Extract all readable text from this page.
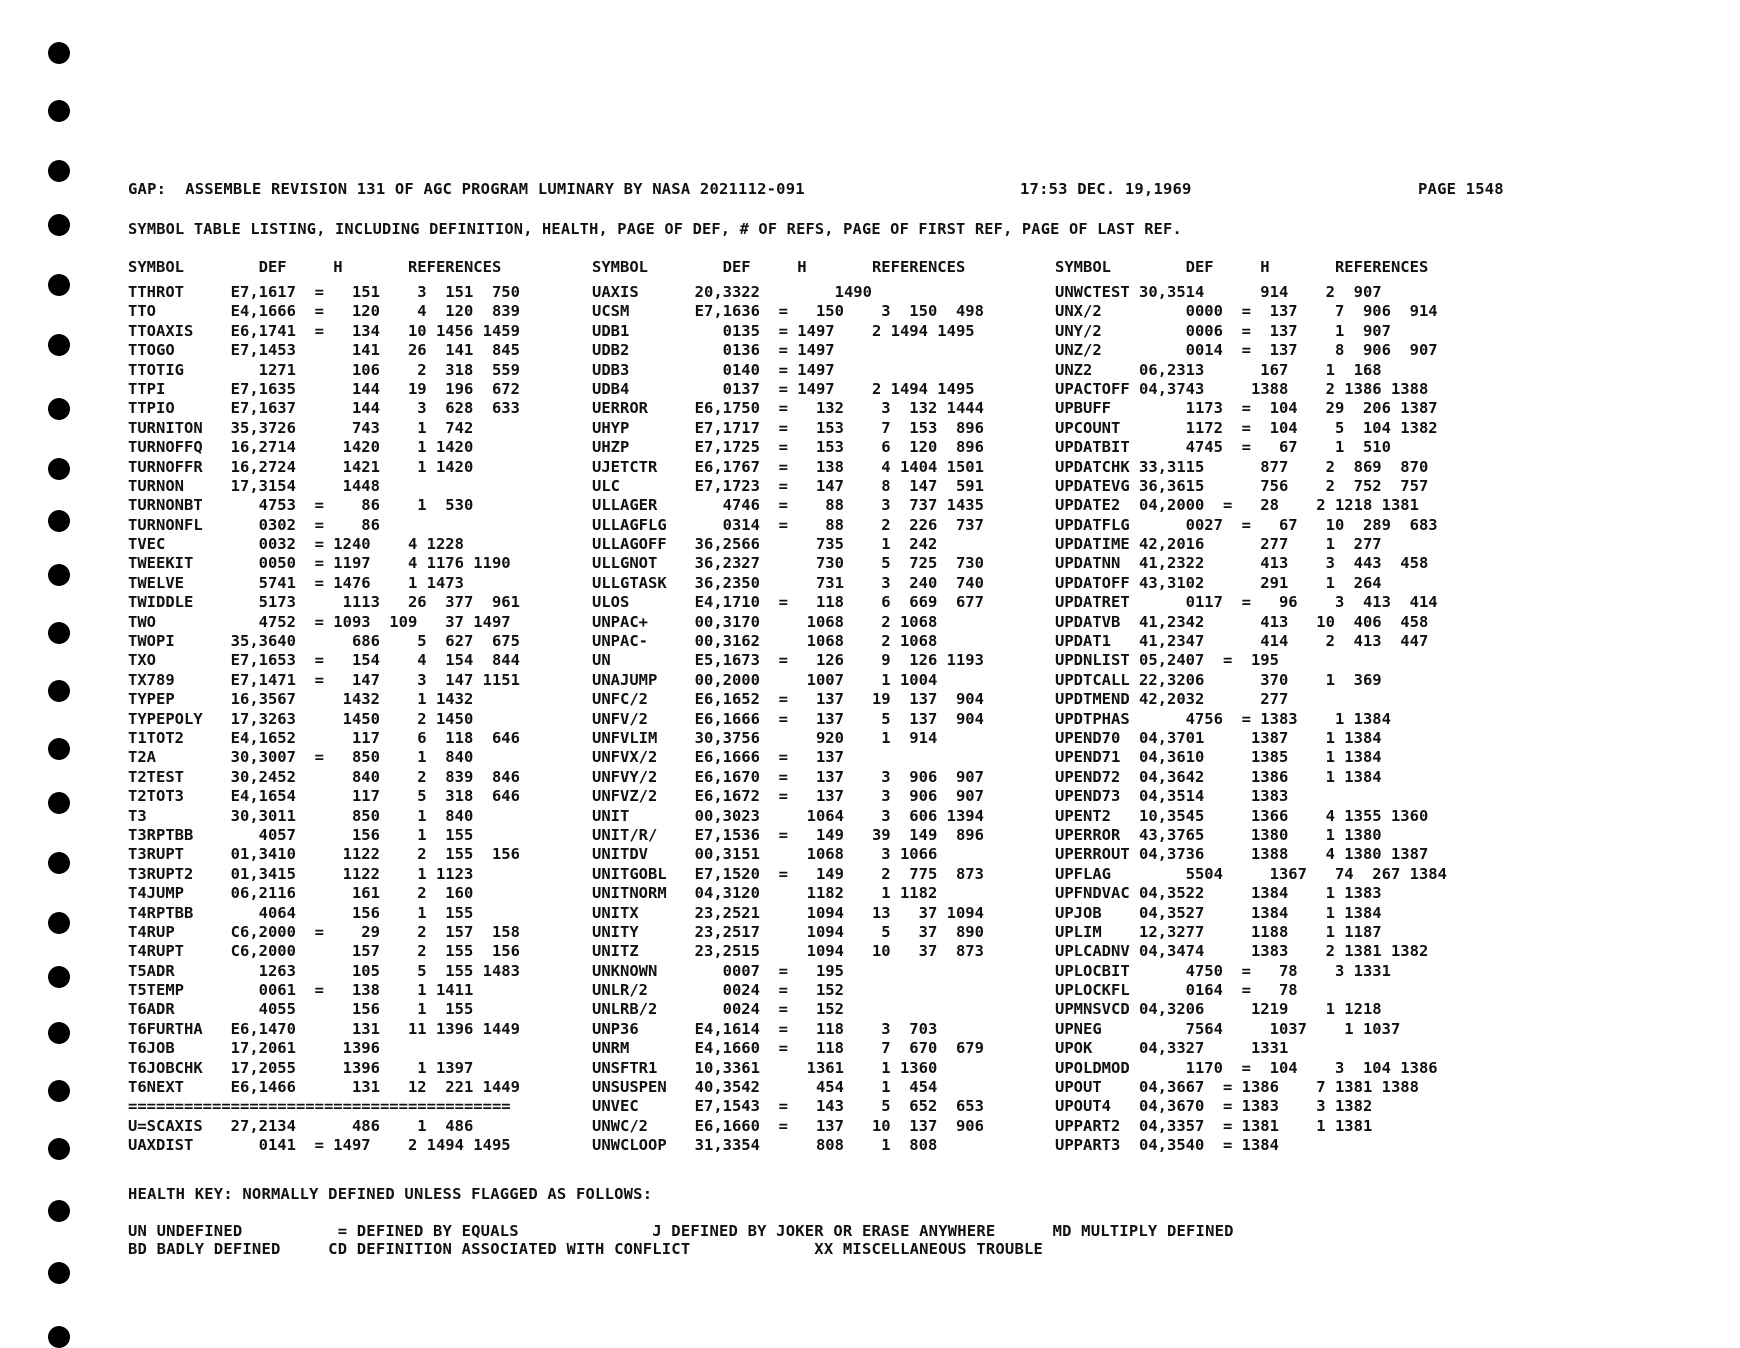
GAP:  ASSEMBLE REVISION 131 OF AGC PROGRAM LUMINARY BY NASA 2021112-091	17:53 DEC. 19,1969	PAGE 1548
SYMBOL TABLE LISTING, INCLUDING DEFINITION, HEALTH, PAGE OF DEF, # OF REFS, PAGE OF FIRST REF, PAGE OF LAST REF.

SYMBOL        DEF     H       REFERENCES

	SYMBOL        DEF     H       REFERENCES

	SYMBOL        DEF     H       REFERENCES

TTHROT     E7,1617  =   151    3  151  750	UAXIS      20,3322        1490	UNWCTEST 30,3514      914    2  907
TTO        E4,1666  =   120    4  120  839	UCSM       E7,1636  =   150    3  150  498	UNX/2         0000  =  137    7  906  914
TTOAXIS    E6,1741  =   134   10 1456 1459	UDB1          0135  = 1497    2 1494 1495	UNY/2         0006  =  137    1  907
TTOGO      E7,1453      141   26  141  845	UDB2          0136  = 1497	UNZ/2         0014  =  137    8  906  907
TTOTIG        1271      106    2  318  559	UDB3          0140  = 1497	UNZ2     06,2313      167    1  168
TTPI       E7,1635      144   19  196  672	UDB4          0137  = 1497    2 1494 1495	UPACTOFF 04,3743     1388    2 1386 1388
TTPIO      E7,1637      144    3  628  633	UERROR     E6,1750  =   132    3  132 1444	UPBUFF        1173  =  104   29  206 1387
TURNITON   35,3726      743    1  742	UHYP       E7,1717  =   153    7  153  896	UPCOUNT       1172  =  104    5  104 1382
TURNOFFQ   16,2714     1420    1 1420	UHZP       E7,1725  =   153    6  120  896	UPDATBIT      4745  =   67    1  510
TURNOFFR   16,2724     1421    1 1420	UJETCTR    E6,1767  =   138    4 1404 1501	UPDATCHK 33,3115      877    2  869  870
TURNON     17,3154     1448	ULC        E7,1723  =   147    8  147  591	UPDATEVG 36,3615      756    2  752  757
TURNONBT      4753  =    86    1  530	ULLAGER       4746  =    88    3  737 1435	UPDATE2  04,2000  =   28    2 1218 1381
TURNONFL      0302  =    86	ULLAGFLG      0314  =    88    2  226  737	UPDATFLG      0027  =   67   10  289  683
TVEC          0032  = 1240    4 1228	ULLAGOFF   36,2566      735    1  242	UPDATIME 42,2016      277    1  277
TWEEKIT       0050  = 1197    4 1176 1190	ULLGNOT    36,2327      730    5  725  730	UPDATNN  41,2322      413    3  443  458
TWELVE        5741  = 1476    1 1473	ULLGTASK   36,2350      731    3  240  740	UPDATOFF 43,3102      291    1  264
TWIDDLE       5173     1113   26  377  961	ULOS       E4,1710  =   118    6  669  677	UPDATRET      0117  =   96    3  413  414
TWO           4752  = 1093  109   37 1497	UNPAC+     00,3170     1068    2 1068	UPDATVB  41,2342      413   10  406  458
TWOPI      35,3640      686    5  627  675	UNPAC-     00,3162     1068    2 1068	UPDAT1   41,2347      414    2  413  447
TXO        E7,1653  =   154    4  154  844	UN         E5,1673  =   126    9  126 1193	UPDNLIST 05,2407  =  195
TX789      E7,1471  =   147    3  147 1151	UNAJUMP    00,2000     1007    1 1004	UPDTCALL 22,3206      370    1  369
TYPEP      16,3567     1432    1 1432	UNFC/2     E6,1652  =   137   19  137  904	UPDTMEND 42,2032      277
TYPEPOLY   17,3263     1450    2 1450	UNFV/2     E6,1666  =   137    5  137  904	UPDTPHAS      4756  = 1383    1 1384
T1TOT2     E4,1652      117    6  118  646	UNFVLIM    30,3756      920    1  914	UPEND70  04,3701     1387    1 1384
T2A        30,3007  =   850    1  840	UNFVX/2    E6,1666  =   137	UPEND71  04,3610     1385    1 1384
T2TEST     30,2452      840    2  839  846	UNFVY/2    E6,1670  =   137    3  906  907	UPEND72  04,3642     1386    1 1384
T2TOT3     E4,1654      117    5  318  646	UNFVZ/2    E6,1672  =   137    3  906  907	UPEND73  04,3514     1383
T3         30,3011      850    1  840	UNIT       00,3023     1064    3  606 1394	UPENT2   10,3545     1366    4 1355 1360
T3RPTBB       4057      156    1  155	UNIT/R/    E7,1536  =   149   39  149  896	UPERROR  43,3765     1380    1 1380
T3RUPT     01,3410     1122    2  155  156	UNITDV     00,3151     1068    3 1066	UPERROUT 04,3736     1388    4 1380 1387
T3RUPT2    01,3415     1122    1 1123	UNITGOBL   E7,1520  =   149    2  775  873	UPFLAG        5504     1367   74  267 1384
T4JUMP     06,2116      161    2  160	UNITNORM   04,3120     1182    1 1182	UPFNDVAC 04,3522     1384    1 1383
T4RPTBB       4064      156    1  155	UNITX      23,2521     1094   13   37 1094	UPJOB    04,3527     1384    1 1384
T4RUP      C6,2000  =    29    2  157  158	UNITY      23,2517     1094    5   37  890	UPLIM    12,3277     1188    1 1187
T4RUPT     C6,2000      157    2  155  156	UNITZ      23,2515     1094   10   37  873	UPLCADNV 04,3474     1383    2 1381 1382
T5ADR         1263      105    5  155 1483	UNKNOWN       0007  =   195	UPLOCBIT      4750  =   78    3 1331
T5TEMP        0061  =   138    1 1411	UNLR/2        0024  =   152	UPLOCKFL      0164  =   78
T6ADR         4055      156    1  155	UNLRB/2       0024  =   152	UPMNSVCD 04,3206     1219    1 1218
T6FURTHA   E6,1470      131   11 1396 1449	UNP36      E4,1614  =   118    3  703	UPNEG         7564     1037    1 1037
T6JOB      17,2061     1396	UNRM       E4,1660  =   118    7  670  679	UPOK     04,3327     1331
T6JOBCHK   17,2055     1396    1 1397	UNSFTR1    10,3361     1361    1 1360	UPOLDMOD      1170  =  104    3  104 1386
T6NEXT     E6,1466      131   12  221 1449	UNSUSPEN   40,3542      454    1  454	UPOUT    04,3667  = 1386    7 1381 1388
=========================================	UNVEC      E7,1543  =   143    5  652  653	UPOUT4   04,3670  = 1383    3 1382
U=SCAXIS   27,2134      486    1  486	UNWC/2     E6,1660  =   137   10  137  906	UPPART2  04,3357  = 1381    1 1381
UAXDIST       0141  = 1497    2 1494 1495	UNWCLOOP   31,3354      808    1  808	UPPART3  04,3540  = 1384
HEALTH KEY: NORMALLY DEFINED UNLESS FLAGGED AS FOLLOWS:
UN UNDEFINED          = DEFINED BY EQUALS              J DEFINED BY JOKER OR ERASE ANYWHERE      MD MULTIPLY DEFINED
BD BADLY DEFINED     CD DEFINITION ASSOCIATED WITH CONFLICT             XX MISCELLANEOUS TROUBLE
